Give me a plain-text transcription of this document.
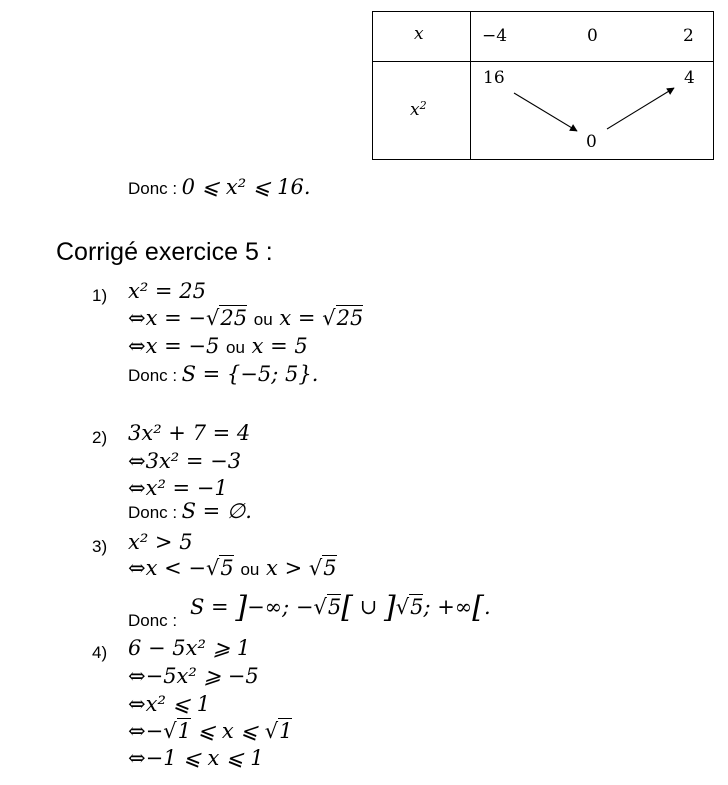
x
$x^2$
−4	0	2
16
0
4
Donc : 0 ⩽ x² ⩽ 16.
Corrigé exercice 5 :
1) x² = 25
⇔x = −√25 ou x = √25
⇔x = −5 ou x = 5
Donc : S = {−5; 5}.
2) 3x² + 7 = 4
⇔3x² = −3
⇔x² = −1
Donc : S = ∅.
3) x² > 5
⇔x < −√5 ou x > √5
Donc :
S = ]−∞; −√5[ ∪ ]√5; +∞[.
4) 6 − 5x² ⩾ 1
⇔−5x² ⩾ −5
⇔x² ⩽ 1
⇔−√1 ⩽ x ⩽ √1
⇔−1 ⩽ x ⩽ 1
